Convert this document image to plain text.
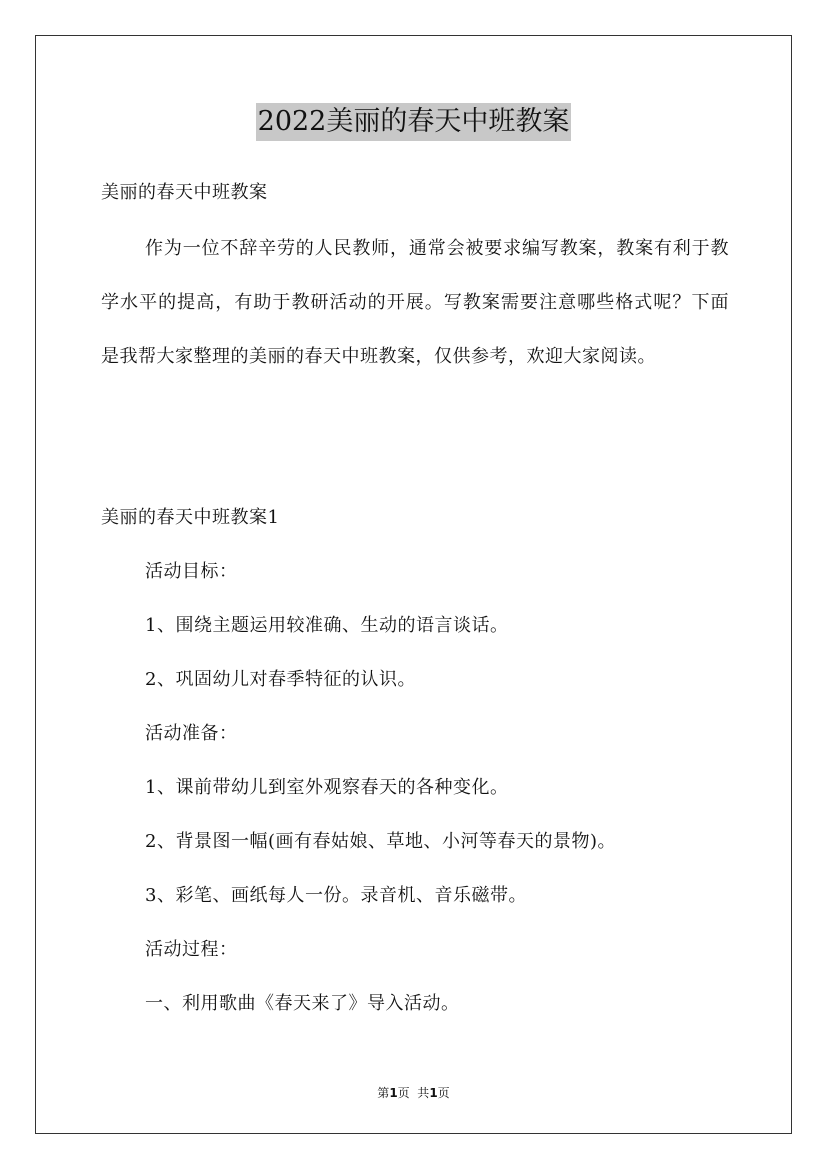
2022美丽的春天中班教案
美丽的春天中班教案

作为一位不辞辛劳的人民教师，通常会被要求编写教案，教案有利于教学水平的提高，有助于教研活动的开展。写教案需要注意哪些格式呢？下面是我帮大家整理的美丽的春天中班教案，仅供参考，欢迎大家阅读。

美丽的春天中班教案1
活动目标：
1、围绕主题运用较准确、生动的语言谈话。
2、巩固幼儿对春季特征的认识。
活动准备：
1、课前带幼儿到室外观察春天的各种变化。
2、背景图一幅(画有春姑娘、草地、小河等春天的景物)。
3、彩笔、画纸每人一份。录音机、音乐磁带。
活动过程：
一、利用歌曲《春天来了》导入活动。
第1页  共1页
